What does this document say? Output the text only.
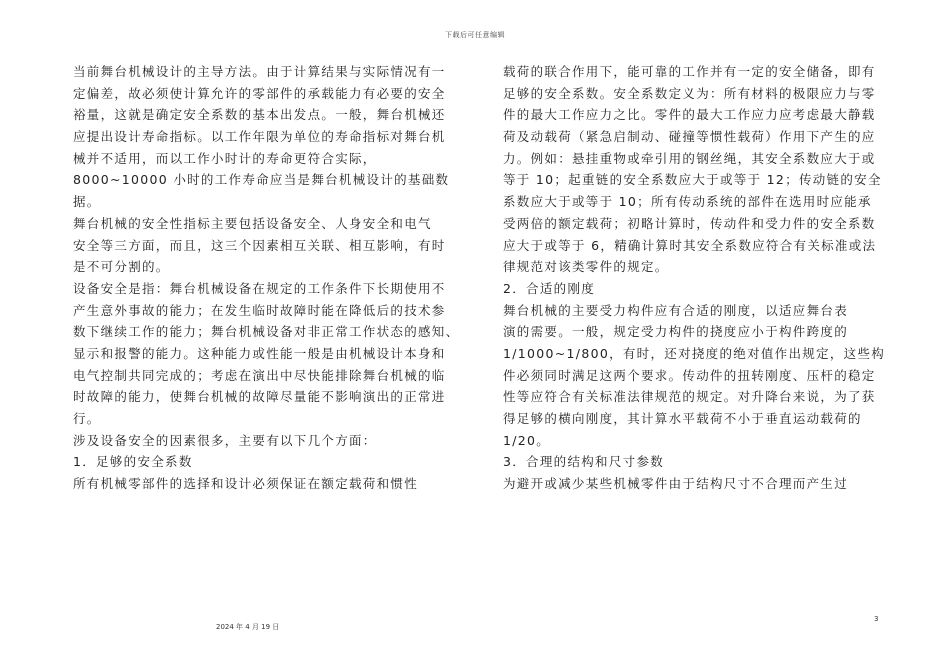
下载后可任意编辑
当前舞台机械设计的主导方法。由于计算结果与实际情况有一
定偏差，故必须使计算允许的零部件的承载能力有必要的安全
裕量，这就是确定安全系数的基本出发点。一般，舞台机械还
应提出设计寿命指标。以工作年限为单位的寿命指标对舞台机
械并不适用，而以工作小时计的寿命更符合实际，
8000~10000 小时的工作寿命应当是舞台机械设计的基础数
据。
舞台机械的安全性指标主要包括设备安全、人身安全和电气
安全等三方面，而且，这三个因素相互关联、相互影响，有时
是不可分割的。
设备安全是指：舞台机械设备在规定的工作条件下长期使用不
产生意外事故的能力；在发生临时故障时能在降低后的技术参
数下继续工作的能力；舞台机械设备对非正常工作状态的感知、
显示和报警的能力。这种能力或性能一般是由机械设计本身和
电气控制共同完成的；考虑在演出中尽快能排除舞台机械的临
时故障的能力，使舞台机械的故障尽量能不影响演出的正常进
行。
涉及设备安全的因素很多，主要有以下几个方面：
1．足够的安全系数
所有机械零部件的选择和设计必须保证在额定载荷和惯性
载荷的联合作用下，能可靠的工作并有一定的安全储备，即有
足够的安全系数。安全系数定义为：所有材料的极限应力与零
件的最大工作应力之比。零件的最大工作应力应考虑最大静载
荷及动载荷（紧急启制动、碰撞等惯性载荷）作用下产生的应
力。例如：悬挂重物或牵引用的钢丝绳，其安全系数应大于或
等于 10；起重链的安全系数应大于或等于 12；传动链的安全
系数应大于或等于 10；所有传动系统的部件在选用时应能承
受两倍的额定载荷；初略计算时，传动件和受力件的安全系数
应大于或等于 6，精确计算时其安全系数应符合有关标准或法
律规范对该类零件的规定。
2．合适的刚度
舞台机械的主要受力构件应有合适的刚度，以适应舞台表
演的需要。一般，规定受力构件的挠度应小于构件跨度的
1/1000~1/800，有时，还对挠度的绝对值作出规定，这些构
件必须同时满足这两个要求。传动件的扭转刚度、压杆的稳定
性等应符合有关标准法律规范的规定。对升降台来说，为了获
得足够的横向刚度，其计算水平载荷不小于垂直运动载荷的
1/20。
3．合理的结构和尺寸参数
为避开或减少某些机械零件由于结构尺寸不合理而产生过
2024 年 4 月 19 日
3
